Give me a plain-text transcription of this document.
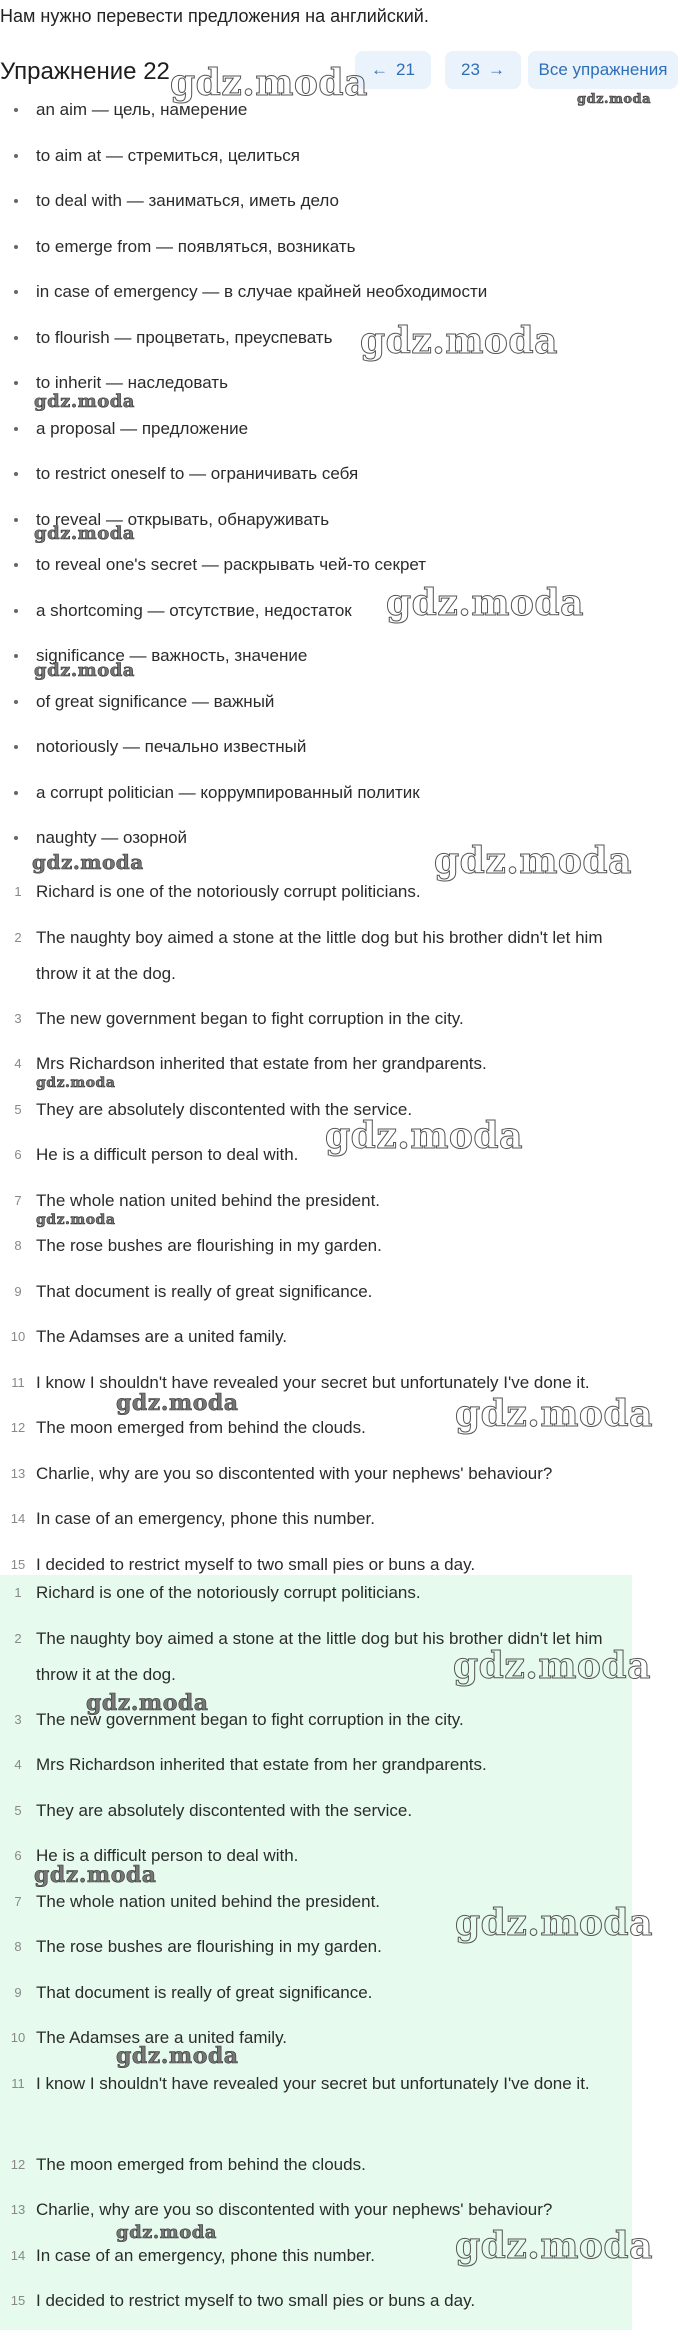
Нам нужно перевести предложения на английский.
Упражнение 22	← 21	23 → Все упражнения
an aim — цель, намерение
to aim at — стремиться, целиться
to deal with — заниматься, иметь дело
to emerge from — появляться, возникать
in case of emergency — в случае крайней необходимости
to flourish — процветать, преуспевать
to inherit — наследовать
a proposal — предложение
to restrict oneself to — ограничивать себя
to reveal — открывать, обнаруживать
to reveal one's secret — раскрывать чей-то секрет
a shortcoming — отсутствие, недостаток
significance — важность, значение
of great significance — важный
notoriously — печально известный
a corrupt politician — коррумпированный политик
naughty — озорной
1 Richard is one of the notoriously corrupt politicians.
2 The naughty boy aimed a stone at the little dog but his brother didn't let him throw it at the dog.
3 The new government began to fight corruption in the city.
4 Mrs Richardson inherited that estate from her grandparents.
5 They are absolutely discontented with the service.
6 He is a difficult person to deal with.
7 The whole nation united behind the president.
8 The rose bushes are flourishing in my garden.
9 That document is really of great significance.
10 The Adamses are a united family.
11 I know I shouldn't have revealed your secret but unfortunately I've done it.
12 The moon emerged from behind the clouds.
13 Charlie, why are you so discontented with your nephews' behaviour?
14 In case of an emergency, phone this number.
15 I decided to restrict myself to two small pies or buns a day.
1 Richard is one of the notoriously corrupt politicians.
2 The naughty boy aimed a stone at the little dog but his brother didn't let him throw it at the dog.
3 The new government began to fight corruption in the city.
4 Mrs Richardson inherited that estate from her grandparents.
5 They are absolutely discontented with the service.
6 He is a difficult person to deal with.
7 The whole nation united behind the president.
8 The rose bushes are flourishing in my garden.
9 That document is really of great significance.
10 The Adamses are a united family.
11 I know I shouldn't have revealed your secret but unfortunately I've done it.
12 The moon emerged from behind the clouds.
13 Charlie, why are you so discontented with your nephews' behaviour?
14 In case of an emergency, phone this number.
15 I decided to restrict myself to two small pies or buns a day.
gdz.moda	gdz.moda
gdz.moda
gdz.moda
gdz.moda
gdz.moda
gdz.moda
gdz.moda	gdz.moda
gdz.moda
gdz.moda
gdz.moda
gdz.moda	gdz.moda
gdz.moda
gdz.moda
gdz.moda
gdz.moda
